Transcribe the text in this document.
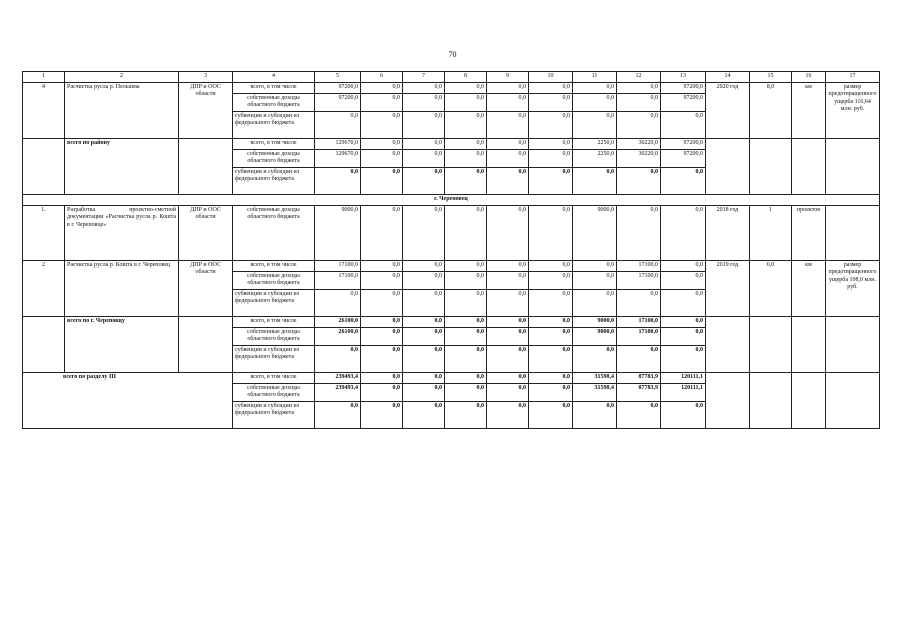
70
1	2	3	4	5	6	7	8	9	10	11	12	13	14	15	16	17
4	Расчистка русла р. Пельшма	ДПР и ООС области	всего, в том числе	97200,0	0,0	0,0	0,0	0,0	0,0	0,0	0,0	97200,0	2020 год	8,0	км	размер предотвращенного ущерба 116,64 млн. руб.
			собственные доходы областного бюджета	97200,0	0,0	0,0	0,0	0,0	0,0	0,0	0,0	97200,0				
			субвенции и субсидии из федерального бюджета	0,0	0,0	0,0	0,0	0,0	0,0	0,0	0,0	0,0				
	всего по району		всего, в том числе	129670,0	0,0	0,0	0,0	0,0	0,0	2250,0	30220,0	97200,0				
			собственные доходы областного бюджета	129670,0	0,0	0,0	0,0	0,0	0,0	2250,0	30220,0	97200,0				
			субвенции и субсидии из федерального бюджета	0,0	0,0	0,0	0,0	0,0	0,0	0,0	0,0	0,0				
г. Череповец																
1.	Разработка проектно-сметной документации «Расчистка русла р. Кошта в г. Череповце»	ДПР и ООС области	собственные доходы областного бюджета	9000,0	0,0	0,0	0,0	0,0	0,0	9000,0	0,0	0,0	2018 год	1	проектов	
2	Расчистка русла р. Кошта в г. Череповец	ДПР и ООС области	всего, в том числе	17100,0	0,0	0,0	0,0	0,0	0,0	0,0	17100,0	0,0	2019 год	6,0	км	размер предотвращенного ущерба 108,0 млн. руб.
			собственные доходы областного бюджета	17100,0	0,0	0,0	0,0	0,0	0,0	0,0	17100,0	0,0				
			субвенции и субсидии из федерального бюджета	0,0	0,0	0,0	0,0	0,0	0,0	0,0	0,0	0,0				
	всего по г. Череповцу		всего, в том числе	26100,0	0,0	0,0	0,0	0,0	0,0	9000,0	17100,0	0,0				
			собственные доходы областного бюджета	26100,0	0,0	0,0	0,0	0,0	0,0	9000,0	17100,0	0,0				
			субвенции и субсидии из федерального бюджета	0,0	0,0	0,0	0,0	0,0	0,0	0,0	0,0	0,0				
всего по разделу III			всего, в том числе	239493,4	0,0	0,0	0,0	0,0	0,0	31598,4	87783,9	120111,1				
			собственные доходы областного бюджета	239493,4	0,0	0,0	0,0	0,0	0,0	31598,4	87783,9	120111,1				
			субвенции и субсидии из федерального бюджета	0,0	0,0	0,0	0,0	0,0	0,0	0,0	0,0	0,0				
